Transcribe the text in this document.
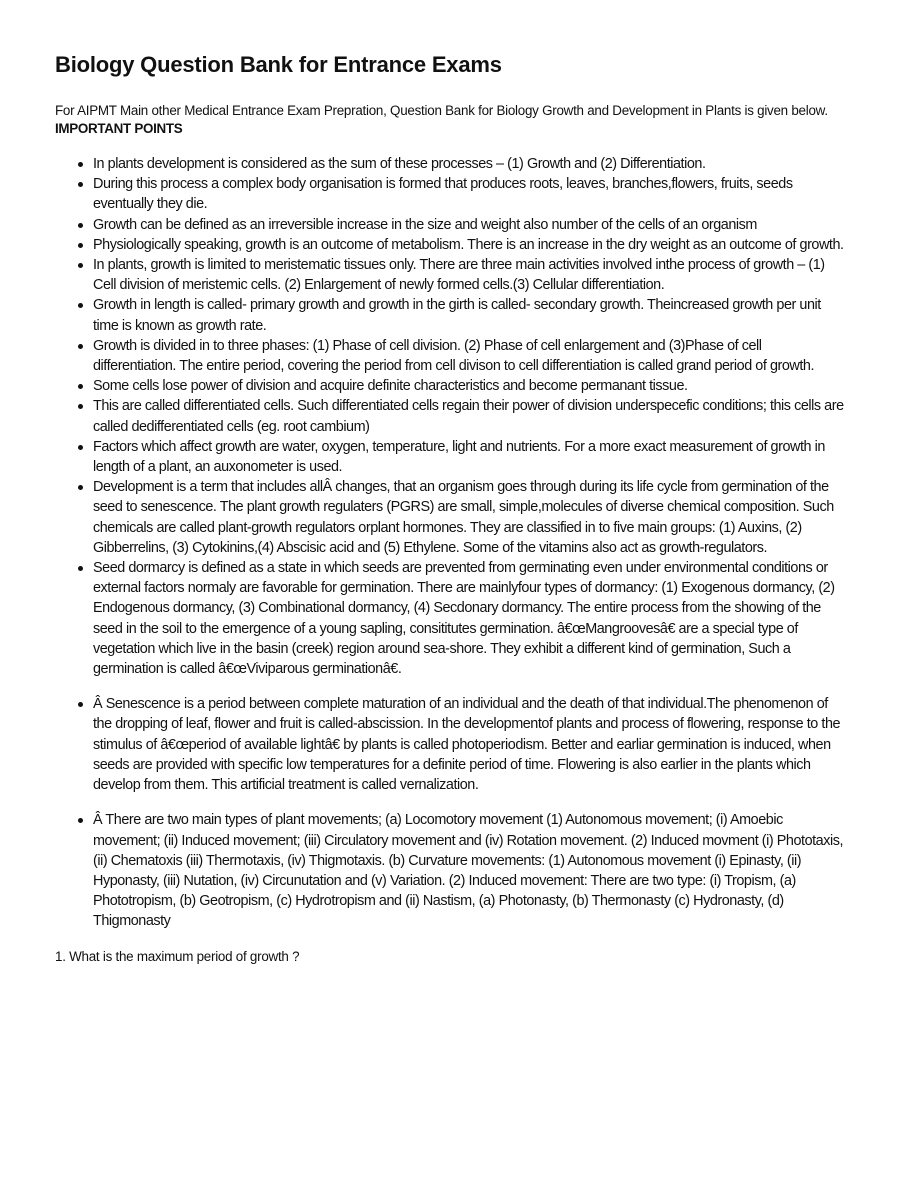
Biology Question Bank for Entrance Exams

For AIPMT Main other Medical Entrance Exam Prepration, Question Bank for Biology Growth and Development in Plants is given below.

IMPORTANT POINTS

In plants development is considered as the sum of these processes – (1) Growth and (2) Differentiation.
During this process a complex body organisation is formed that produces roots, leaves, branches,flowers, fruits, seeds eventually they die.
Growth can be defined as an irreversible increase in the size and weight also number of the cells of an organism
Physiologically speaking, growth is an outcome of metabolism. There is an increase in the dry weight as an outcome of growth.
In plants, growth is limited to meristematic tissues only. There are three main activities involved inthe process of growth – (1) Cell division of meristemic cells. (2) Enlargement of newly formed cells.(3) Cellular differentiation.
Growth in length is called- primary growth and growth in the girth is called- secondary growth. Theincreased growth per unit time is known as growth rate.
Growth is divided in to three phases: (1) Phase of cell division. (2) Phase of cell enlargement and (3)Phase of cell differentiation. The entire period, covering the period from cell divison to cell differentiation is called grand period of growth.
Some cells lose power of division and acquire definite characteristics and become permanant tissue.
This are called differentiated cells. Such differentiated cells regain their power of division underspecefic conditions; this cells are called dedifferentiated cells (eg. root cambium)
Factors which affect growth are water, oxygen, temperature, light and nutrients. For a more exact measurement of growth in length of a plant, an auxonometer is used.
Development is a term that includes allÂ changes, that an organism goes through during its life cycle from germination of the seed to senescence. The plant growth regulaters (PGRS) are small, simple,molecules of diverse chemical composition. Such chemicals are called plant-growth regulators orplant hormones. They are classified in to five main groups: (1) Auxins, (2) Gibberrelins, (3) Cytokinins,(4) Abscisic acid and (5) Ethylene. Some of the vitamins also act as growth-regulators.
Seed dormarcy is defined as a state in which seeds are prevented from germinating even under environmental conditions or external factors normaly are favorable for germination. There are mainlyfour types of dormancy: (1) Exogenous dormancy, (2) Endogenous dormancy, (3) Combinational dormancy, (4) Secdonary dormancy. The entire process from the showing of the seed in the soil to the emergence of a young sapling, consititutes germination. â€œMangroovesâ€ are a special type of vegetation which live in the basin (creek) region around sea-shore. They exhibit a different kind of germination, Such a germination is called â€œViviparous germinationâ€.
Â Senescence is a period between complete maturation of an individual and the death of that individual.The phenomenon of the dropping of leaf, flower and fruit is called-abscission. In the developmentof plants and process of flowering, response to the stimulus of â€œperiod of available lightâ€ by plants is called photoperiodism. Better and earliar germination is induced, when seeds are provided with specific low temperatures for a definite period of time. Flowering is also earlier in the plants which develop from them. This artificial treatment is called vernalization.
Â There are two main types of plant movements; (a) Locomotory movement (1) Autonomous movement; (i) Amoebic movement; (ii) Induced movement; (iii) Circulatory movement and (iv) Rotation movement. (2) Induced movment (i) Phototaxis, (ii) Chematoxis (iii) Thermotaxis, (iv) Thigmotaxis. (b) Curvature movements: (1) Autonomous movement (i) Epinasty, (ii) Hyponasty, (iii) Nutation, (iv) Circunutation and (v) Variation. (2) Induced movement: There are two type: (i) Tropism, (a) Phototropism, (b) Geotropism, (c) Hydrotropism and (ii) Nastism, (a) Photonasty, (b) Thermonasty (c) Hydronasty, (d) Thigmonasty

1. What is the maximum period of growth ?
